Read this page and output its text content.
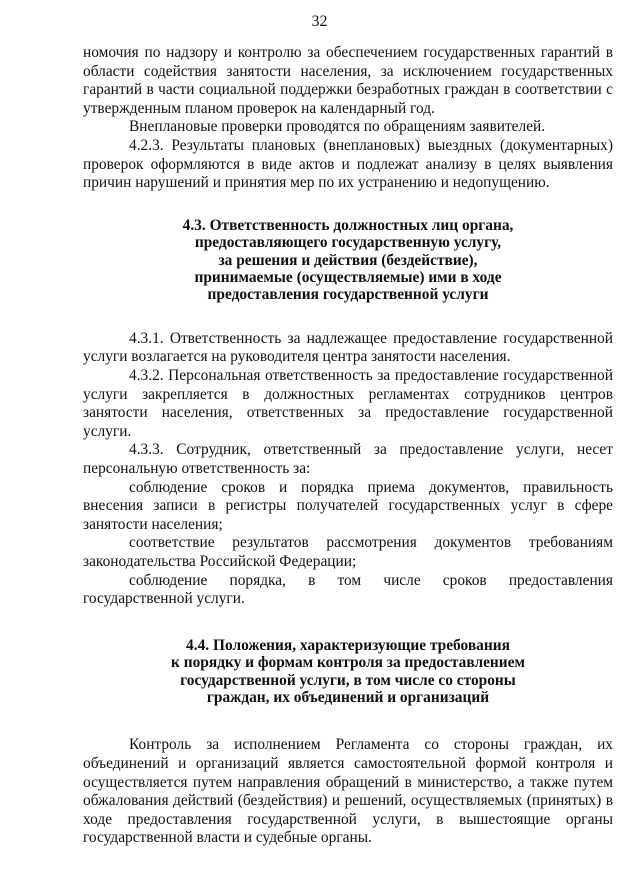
32

номочия по надзору и контролю за обеспечением государственных гарантий в области содействия занятости населения, за исключением государственных гарантий в части социальной поддержки безработных граждан в соответствии с утвержденным планом проверок на календарный год.

Внеплановые проверки проводятся по обращениям заявителей.

4.2.3. Результаты плановых (внеплановых) выездных (документарных) проверок оформляются в виде актов и подлежат анализу в целях выявления причин нарушений и принятия мер по их устранению и недопущению.

4.3. Ответственность должностных лиц органа,
предоставляющего государственную услугу,
за решения и действия (бездействие),
принимаемые (осуществляемые) ими в ходе
предоставления государственной услуги

4.3.1. Ответственность за надлежащее предоставление государственной услуги возлагается на руководителя центра занятости населения.

4.3.2. Персональная ответственность за предоставление государственной услуги закрепляется в должностных регламентах сотрудников центров занятости населения, ответственных за предоставление государственной услуги.

4.3.3. Сотрудник, ответственный за предоставление услуги, несет персональную ответственность за:

соблюдение сроков и порядка приема документов, правильность внесения записи в регистры получателей государственных услуг в сфере занятости населения;

соответствие результатов рассмотрения документов требованиям законодательства Российской Федерации;

соблюдение порядка, в том числе сроков предоставления государственной услуги.

4.4. Положения, характеризующие требования
к порядку и формам контроля за предоставлением
государственной услуги, в том числе со стороны
граждан, их объединений и организаций

Контроль за исполнением Регламента со стороны граждан, их объединений и организаций является самостоятельной формой контроля и осуществляется путем направления обращений в министерство, а также путем обжалования действий (бездействия) и решений, осуществляемых (принятых) в ходе предоставления государственной услуги, в вышестоящие органы государственной власти и судебные органы.
